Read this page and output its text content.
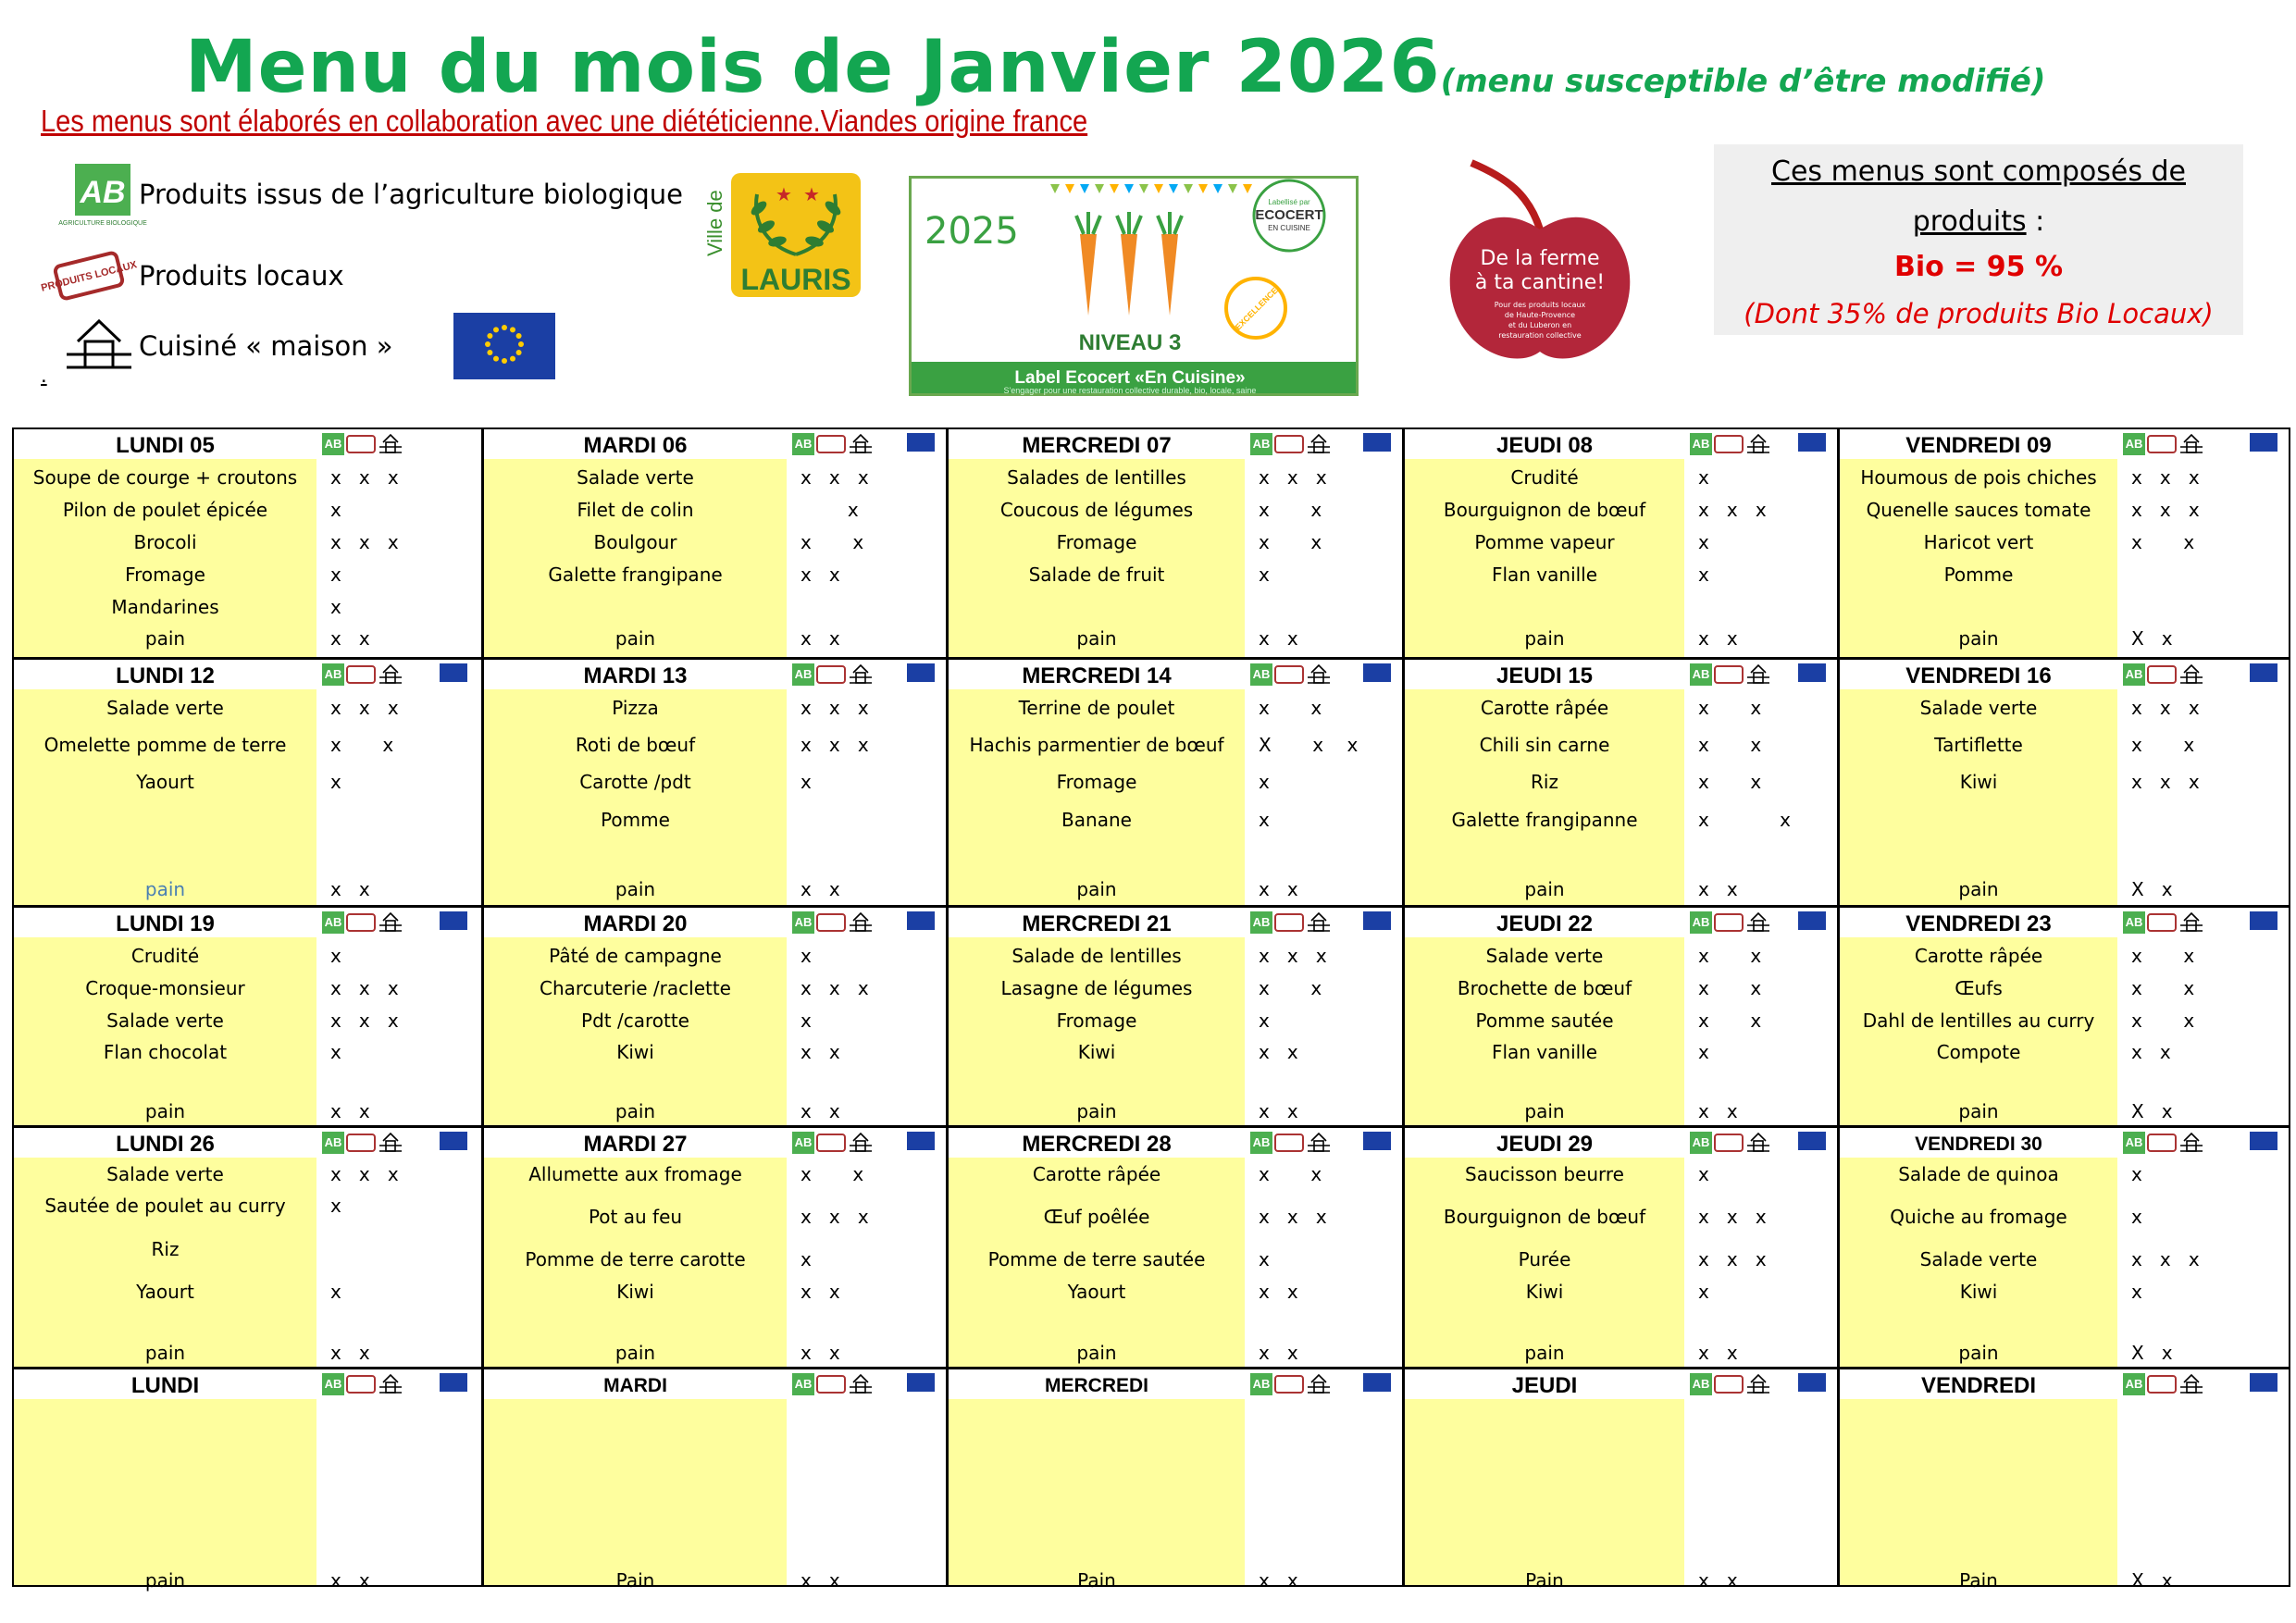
Menu du mois de Janvier 2026(menu susceptible d’être modifié)
Les menus sont élaborés en collaboration avec une diététicienne.Viandes origine france
AB
AGRICULTURE BIOLOGIQUE
Produits issus de l’agriculture biologique
PRODUITS LOCAUX Produits locaux
Cuisiné « maison »
.
Ville de	★ ★
LAURIS
2025
Labellisé par
ECOCERT
EN CUISINE
EXCELLENCE
NIVEAU 3
Label Ecocert «En Cuisine»
S'engager pour une restauration collective durable, bio, locale, saine
De la ferme
à ta cantine!
Pour des produits locaux
de Haute-Provence
et du Luberon en
restauration collective
Ces menus sont composés de
produits :
Bio = 95 %
(Dont 35% de produits Bio Locaux)
LUNDI 05	AB
Soupe de courge + croutons	x   x   x
Pilon de poulet épicée	x
Brocoli	x   x   x
Fromage	x
Mandarines	x
pain	x   x
MARDI 06	AB
Salade verte	x   x   x
Filet de colin	x
Boulgour	x       x
Galette frangipane	x   x
pain	x   x
MERCREDI 07	AB
Salades de lentilles	x   x   x
Coucous de légumes	x       x
Fromage	x       x
Salade de fruit	x
pain	x   x
JEUDI 08	AB
Crudité	x
Bourguignon de bœuf	x   x   x
Pomme vapeur	x
Flan vanille	x
pain	x   x
VENDREDI 09	AB
Houmous de pois chiches	x   x   x
Quenelle sauces tomate	x   x   x
Haricot vert	x       x
Pomme
pain	X   x
LUNDI 12	AB
Salade verte	x   x   x
Omelette pomme de terre	x       x
Yaourt	x
pain	x   x
MARDI 13	AB
Pizza	x   x   x
Roti de bœuf	x   x   x
Carotte /pdt	x
Pomme
pain	x   x
MERCREDI 14	AB
Terrine de poulet	x       x
Hachis parmentier de bœuf	X       x    x
Fromage	x
Banane	x
pain	x   x
JEUDI 15	AB
Carotte râpée	x       x
Chili sin carne	x       x
Riz	x       x
Galette frangipanne	x            x
pain	x   x
VENDREDI 16	AB
Salade verte	x   x   x
Tartiflette	x       x
Kiwi	x   x   x
pain	X   x
LUNDI 19	AB
Crudité	x
Croque-monsieur	x   x   x
Salade verte	x   x   x
Flan chocolat	x
pain	x   x
MARDI 20	AB
Pâté de campagne	x
Charcuterie /raclette	x   x   x
Pdt /carotte	x
Kiwi	x   x
pain	x   x
MERCREDI 21	AB
Salade de lentilles	x   x   x
Lasagne de légumes	x       x
Fromage	x
Kiwi	x   x
pain	x   x
JEUDI 22	AB
Salade verte	x       x
Brochette de bœuf	x       x
Pomme sautée	x       x
Flan vanille	x
pain	x   x
VENDREDI 23	AB
Carotte râpée	x       x
Œufs	x       x
Dahl de lentilles au curry	x       x
Compote	x   x
pain	X   x
LUNDI 26	AB
Salade verte	x   x   x
Sautée de poulet au curry	x
Riz
Yaourt	x
pain	x   x
MARDI 27	AB
Allumette aux fromage	x       x
Pot au feu	x   x   x
Pomme de terre carotte	x
Kiwi	x   x
pain	x   x
MERCREDI 28	AB
Carotte râpée	x       x
Œuf poêlée	x   x   x
Pomme de terre sautée	x
Yaourt	x   x
pain	x   x
JEUDI 29	AB
Saucisson beurre	x
Bourguignon de bœuf	x   x   x
Purée	x   x   x
Kiwi	x
pain	x   x
VENDREDI 30	AB
Salade de quinoa	x
Quiche au fromage	x
Salade verte	x   x   x
Kiwi	x
pain	X   x
LUNDI	AB
pain	x   x
MARDI	AB
Pain	x   x
MERCREDI	AB
Pain	x   x
JEUDI	AB
Pain	x   x
VENDREDI	AB
Pain	X   x
